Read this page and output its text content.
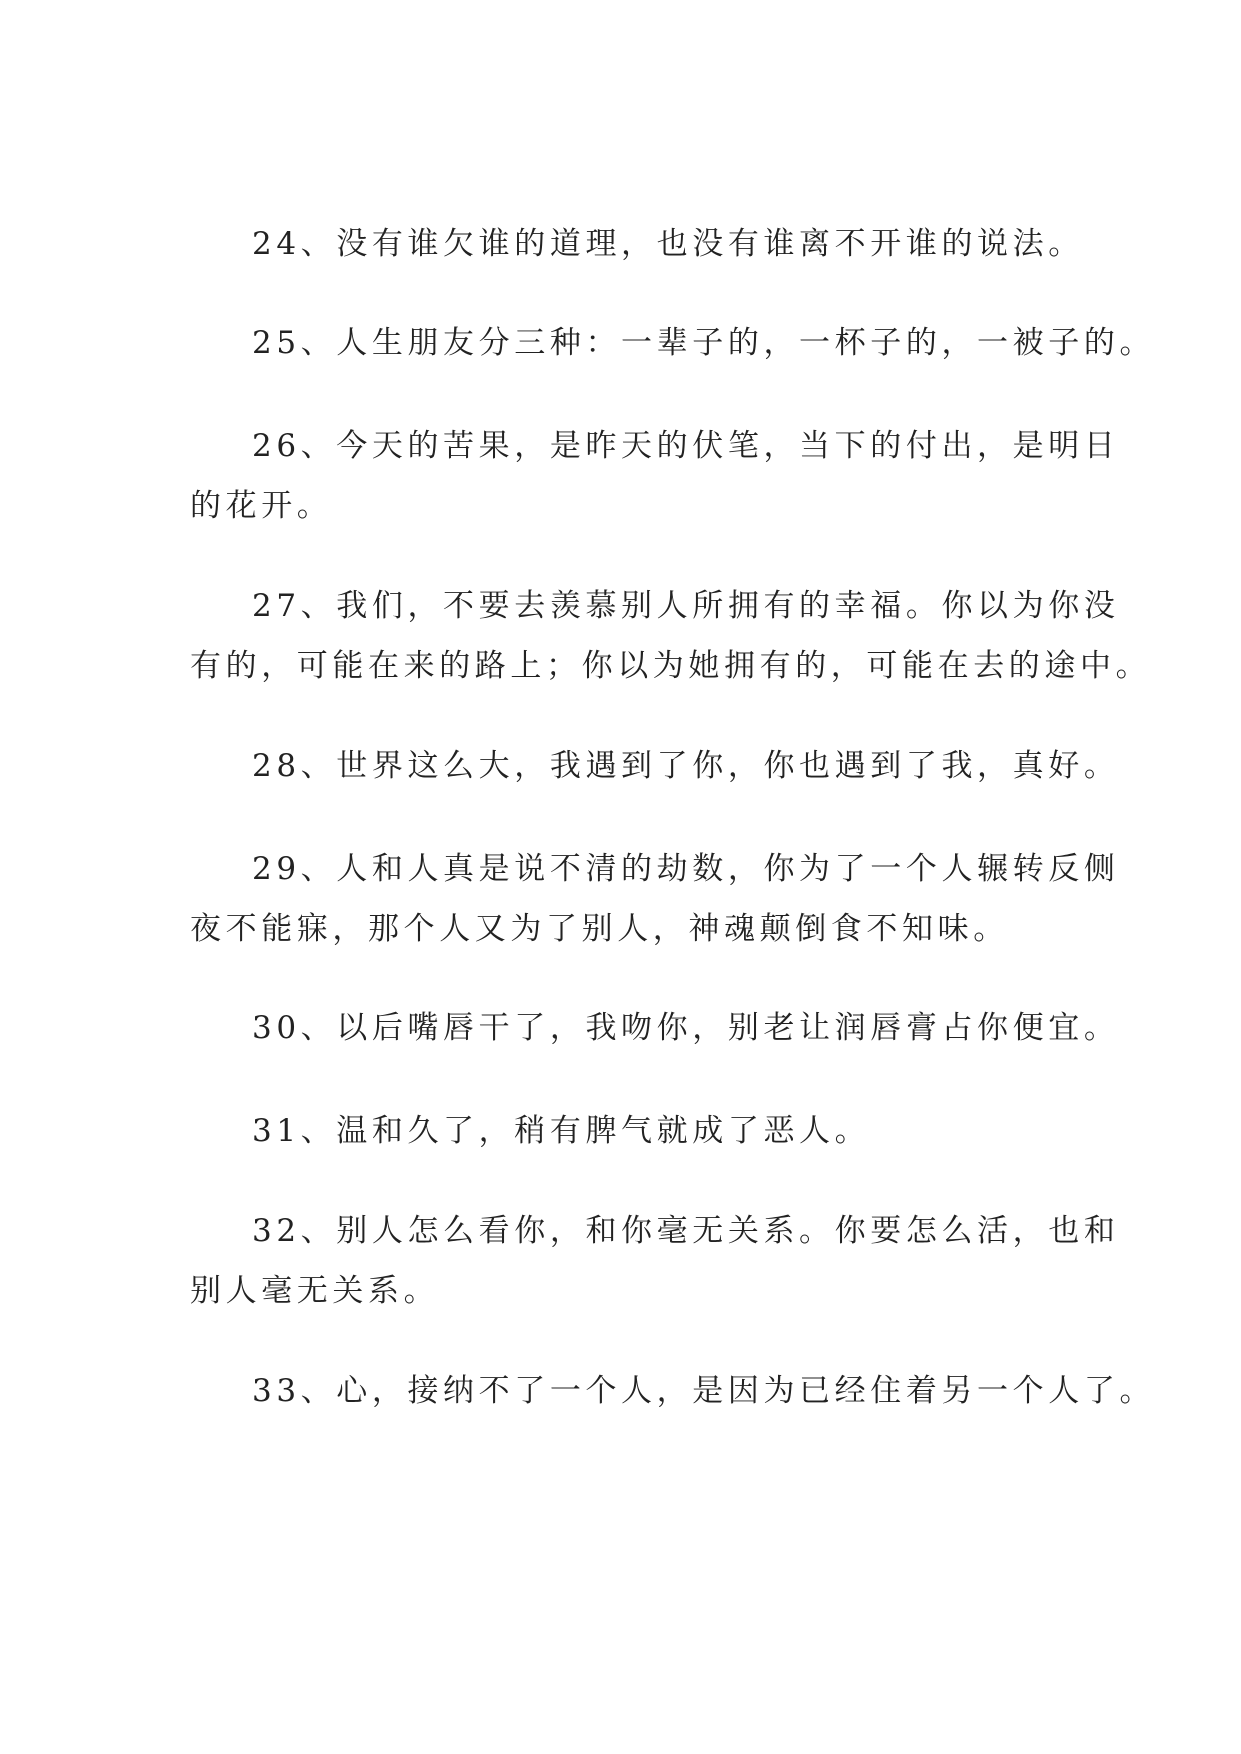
24、没有谁欠谁的道理，也没有谁离不开谁的说法。

25、人生朋友分三种：一辈子的，一杯子的，一被子的。

26、今天的苦果，是昨天的伏笔，当下的付出，是明日
的花开。

27、我们，不要去羡慕别人所拥有的幸福。你以为你没
有的，可能在来的路上；你以为她拥有的，可能在去的途中。

28、世界这么大，我遇到了你，你也遇到了我，真好。

29、人和人真是说不清的劫数，你为了一个人辗转反侧
夜不能寐，那个人又为了别人，神魂颠倒食不知味。

30、以后嘴唇干了，我吻你，别老让润唇膏占你便宜。

31、温和久了，稍有脾气就成了恶人。

32、别人怎么看你，和你毫无关系。你要怎么活，也和
别人毫无关系。

33、心，接纳不了一个人，是因为已经住着另一个人了。
